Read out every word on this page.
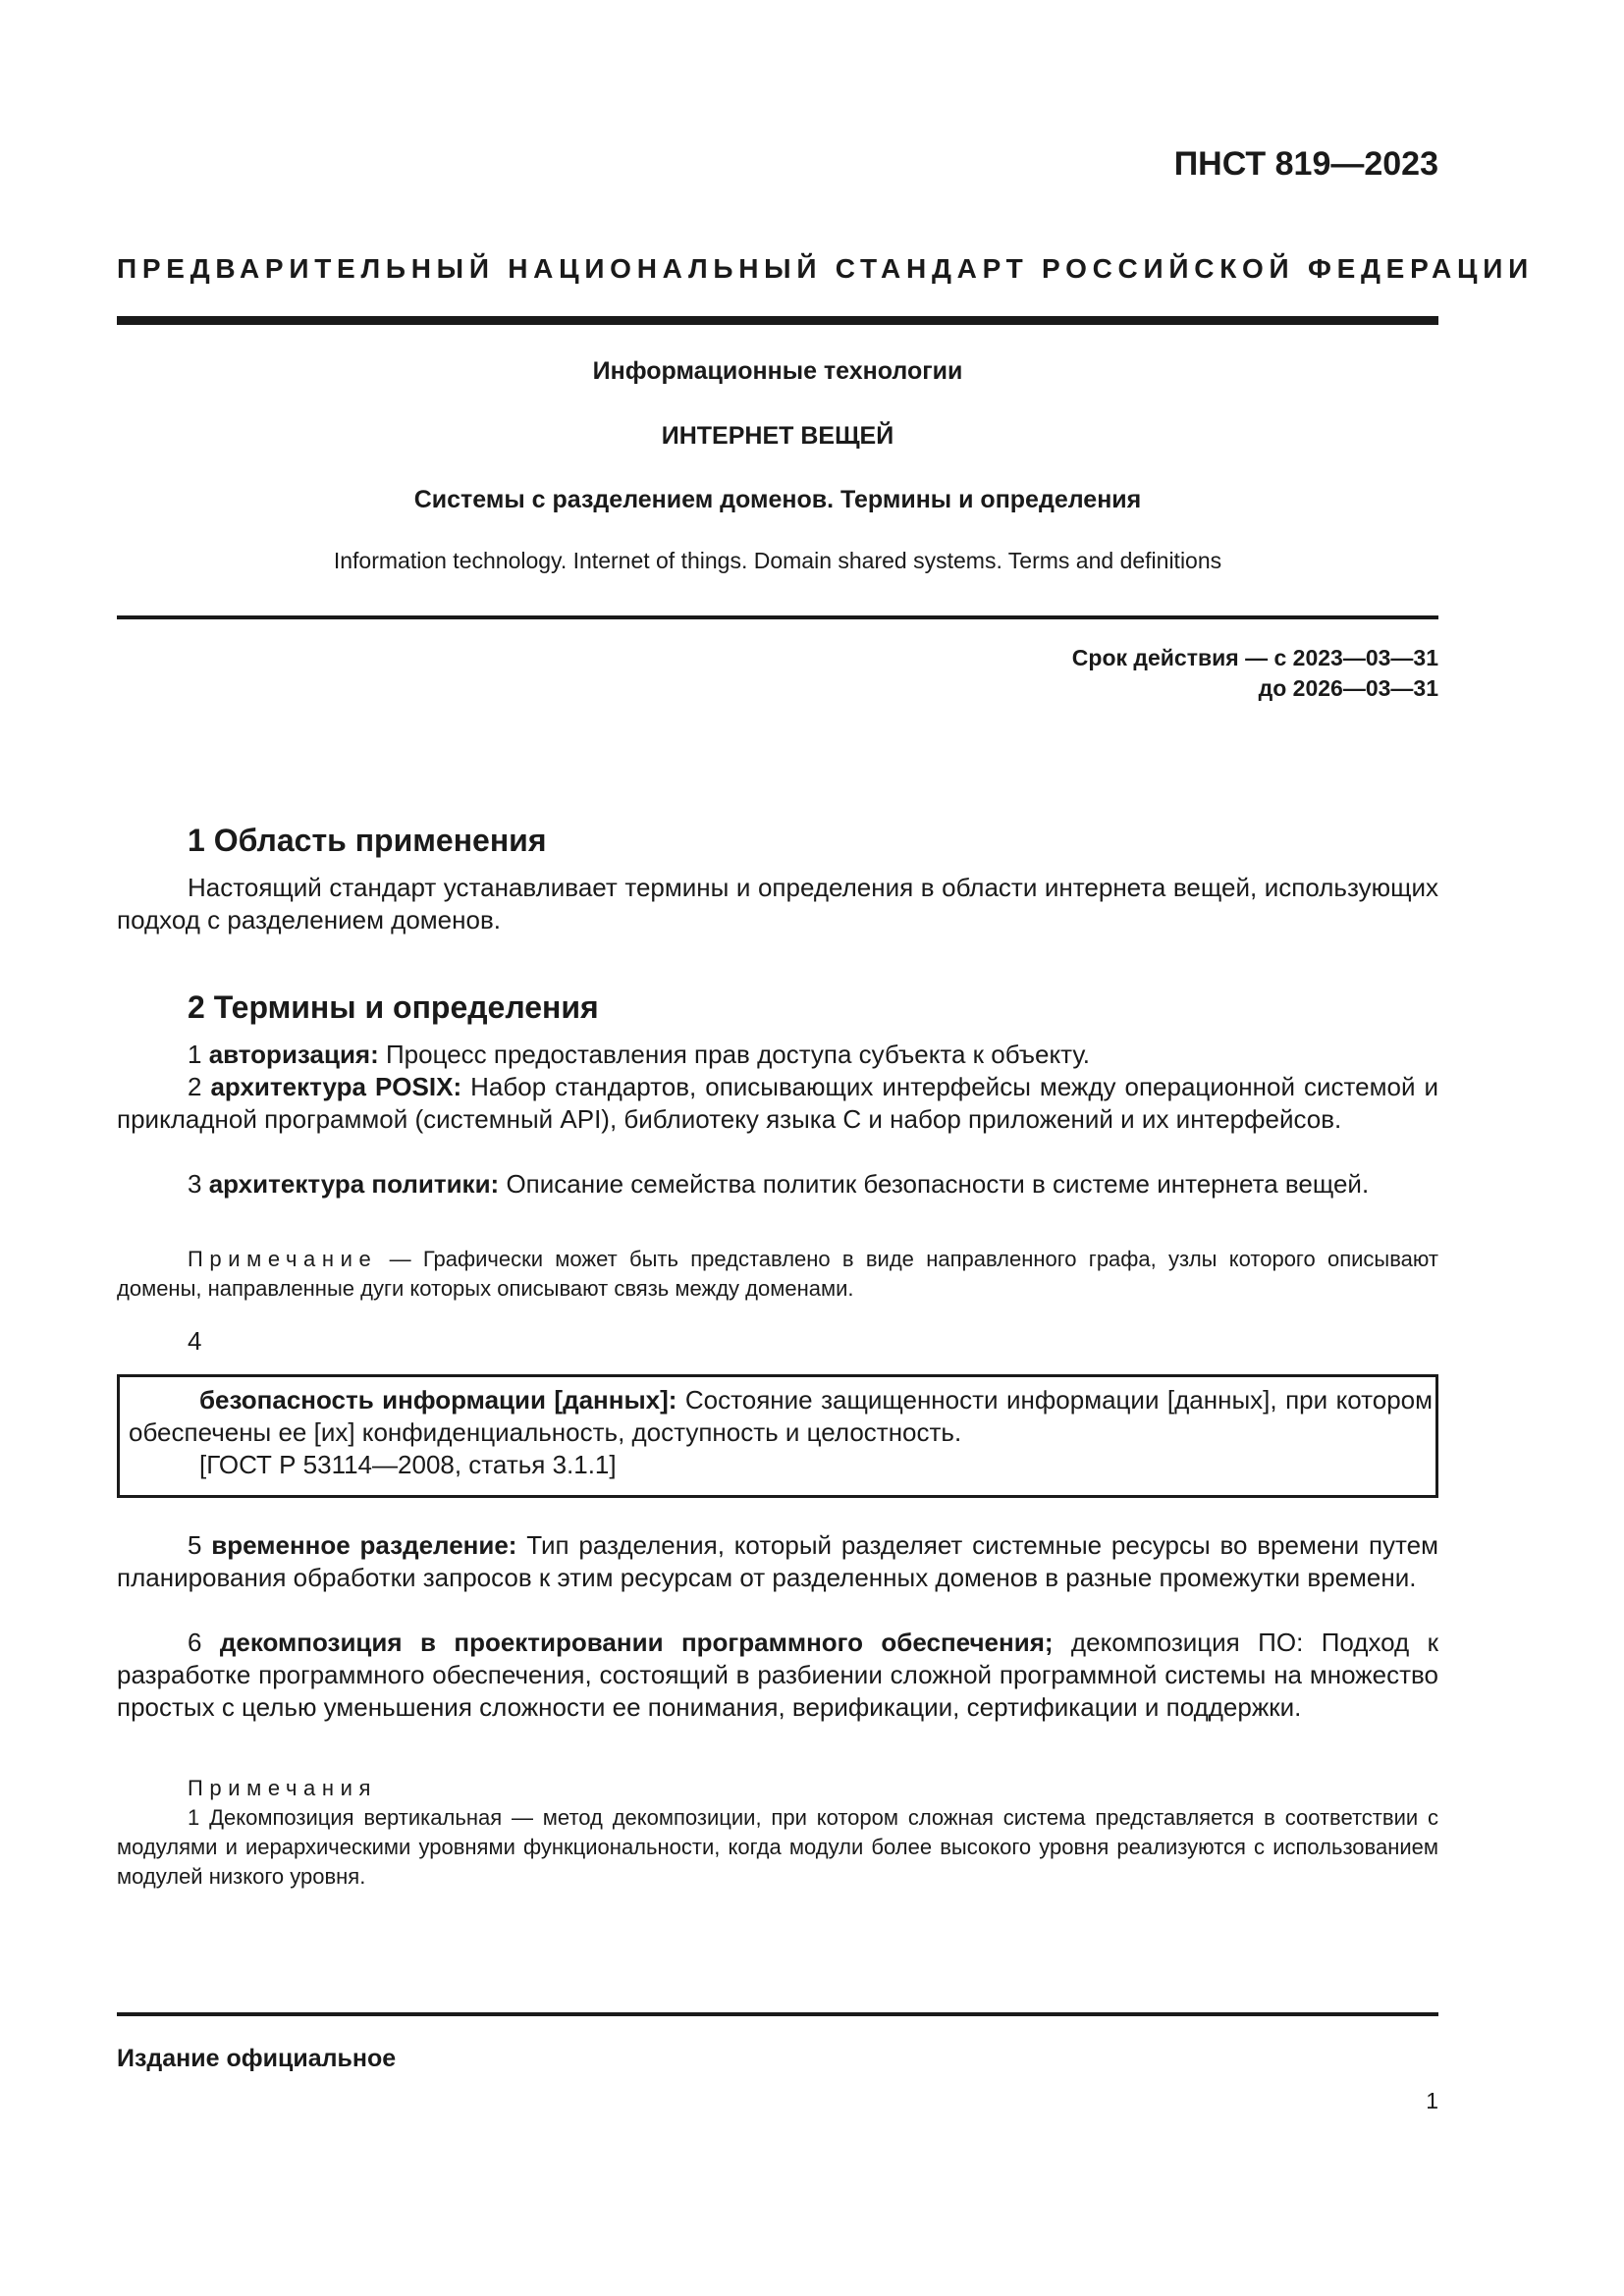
ПНСТ 819—2023
ПРЕДВАРИТЕЛЬНЫЙ НАЦИОНАЛЬНЫЙ СТАНДАРТ РОССИЙСКОЙ ФЕДЕРАЦИИ
Информационные технологии
ИНТЕРНЕТ ВЕЩЕЙ
Системы с разделением доменов. Термины и определения
Information technology. Internet of things. Domain shared systems. Terms and definitions
Срок действия — с 2023—03—31
до 2026—03—31
1 Область применения
Настоящий стандарт устанавливает термины и определения в области интернета вещей, использующих подход с разделением доменов.
2 Термины и определения
1 авторизация: Процесс предоставления прав доступа субъекта к объекту.
2 архитектура POSIX: Набор стандартов, описывающих интерфейсы между операционной системой и прикладной программой (системный API), библиотеку языка С и набор приложений и их интерфейсов.
3 архитектура политики: Описание семейства политик безопасности в системе интернета вещей.
Примечание — Графически может быть представлено в виде направленного графа, узлы которого описывают домены, направленные дуги которых описывают связь между доменами.
4
безопасность информации [данных]: Состояние защищенности информации [данных], при котором обеспечены ее [их] конфиденциальность, доступность и целостность.
[ГОСТ Р 53114—2008, статья 3.1.1]
5 временное разделение: Тип разделения, который разделяет системные ресурсы во времени путем планирования обработки запросов к этим ресурсам от разделенных доменов в разные промежутки времени.
6 декомпозиция в проектировании программного обеспечения; декомпозиция ПО: Подход к разработке программного обеспечения, состоящий в разбиении сложной программной системы на множество простых с целью уменьшения сложности ее понимания, верификации, сертификации и поддержки.
Примечания
1 Декомпозиция вертикальная — метод декомпозиции, при котором сложная система представляется в соответствии с модулями и иерархическими уровнями функциональности, когда модули более высокого уровня реализуются с использованием модулей низкого уровня.
Издание официальное
1
